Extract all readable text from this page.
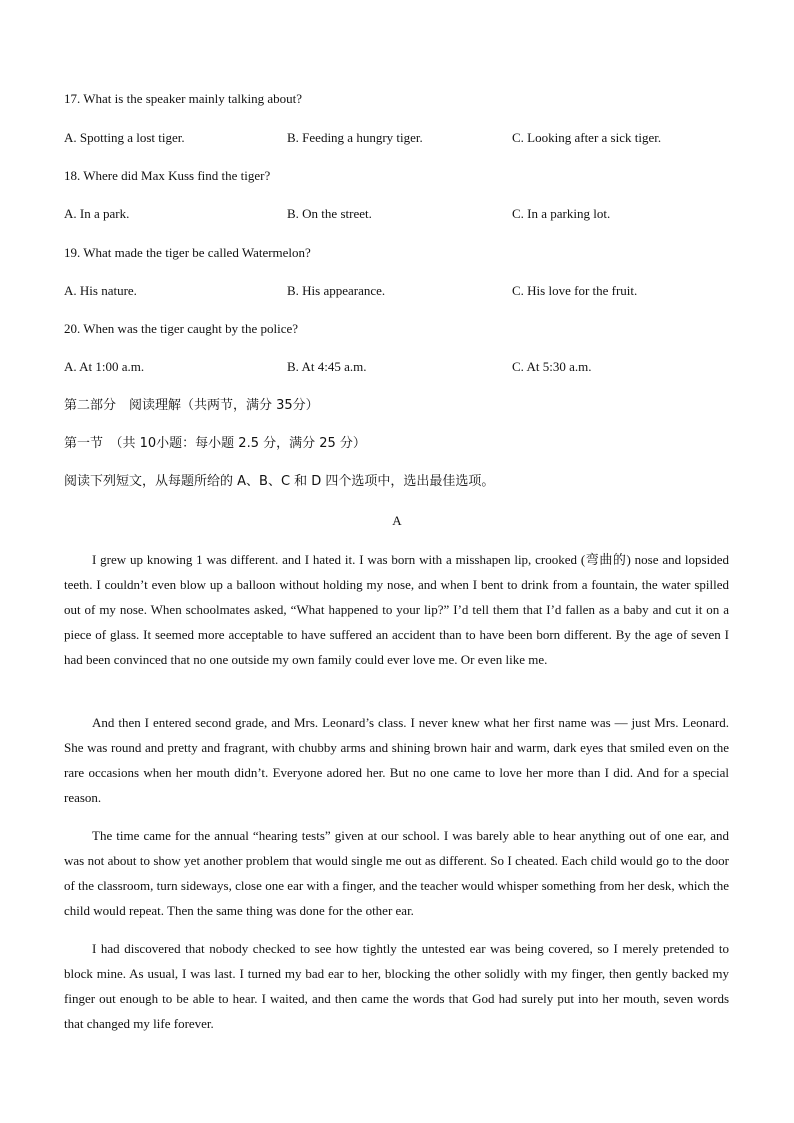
17. What is the speaker mainly talking about?
A. Spotting a lost tiger.	B. Feeding a hungry tiger.	C. Looking after a sick tiger.
18. Where did Max Kuss find the tiger?
A. In a park.	B. On the street.	C. In a parking lot.
19. What made the tiger be called Watermelon?
A. His nature.	B. His appearance.	C. His love for the fruit.
20. When was the tiger caught by the police?
A. At 1:00 a.m.	B. At 4:45 a.m.	C. At 5:30 a.m.
第二部分　阅读理解（共两节，满分 35分）
第一节　（共 10小题：每小题 2.5 分，满分 25 分）
阅读下列短文，从每题所给的 A、B、C 和 D 四个选项中，选出最佳选项。
A

I grew up knowing 1 was different. and I hated it. I was born with a misshapen lip, crooked (弯曲的) nose and lopsided teeth. I couldn’t even blow up a balloon without holding my nose, and when I bent to drink from a fountain, the water spilled out of my nose. When schoolmates asked, “What happened to your lip?” I’d tell them that I’d fallen as a baby and cut it on a piece of glass. It seemed more acceptable to have suffered an accident than to have been born different. By the age of seven I had been convinced that no one outside my own family could ever love me. Or even like me.

And then I entered second grade, and Mrs. Leonard’s class. I never knew what her first name was — just Mrs. Leonard. She was round and pretty and fragrant, with chubby arms and shining brown hair and warm, dark eyes that smiled even on the rare occasions when her mouth didn’t. Everyone adored her. But no one came to love her more than I did. And for a special reason.

The time came for the annual “hearing tests” given at our school. I was barely able to hear anything out of one ear, and was not about to show yet another problem that would single me out as different. So I cheated. Each child would go to the door of the classroom, turn sideways, close one ear with a finger, and the teacher would whisper something from her desk, which the child would repeat. Then the same thing was done for the other ear.

I had discovered that nobody checked to see how tightly the untested ear was being covered, so I merely pretended to block mine. As usual, I was last. I turned my bad ear to her, blocking the other solidly with my finger, then gently backed my finger out enough to be able to hear. I waited, and then came the words that God had surely put into her mouth, seven words that changed my life forever.
